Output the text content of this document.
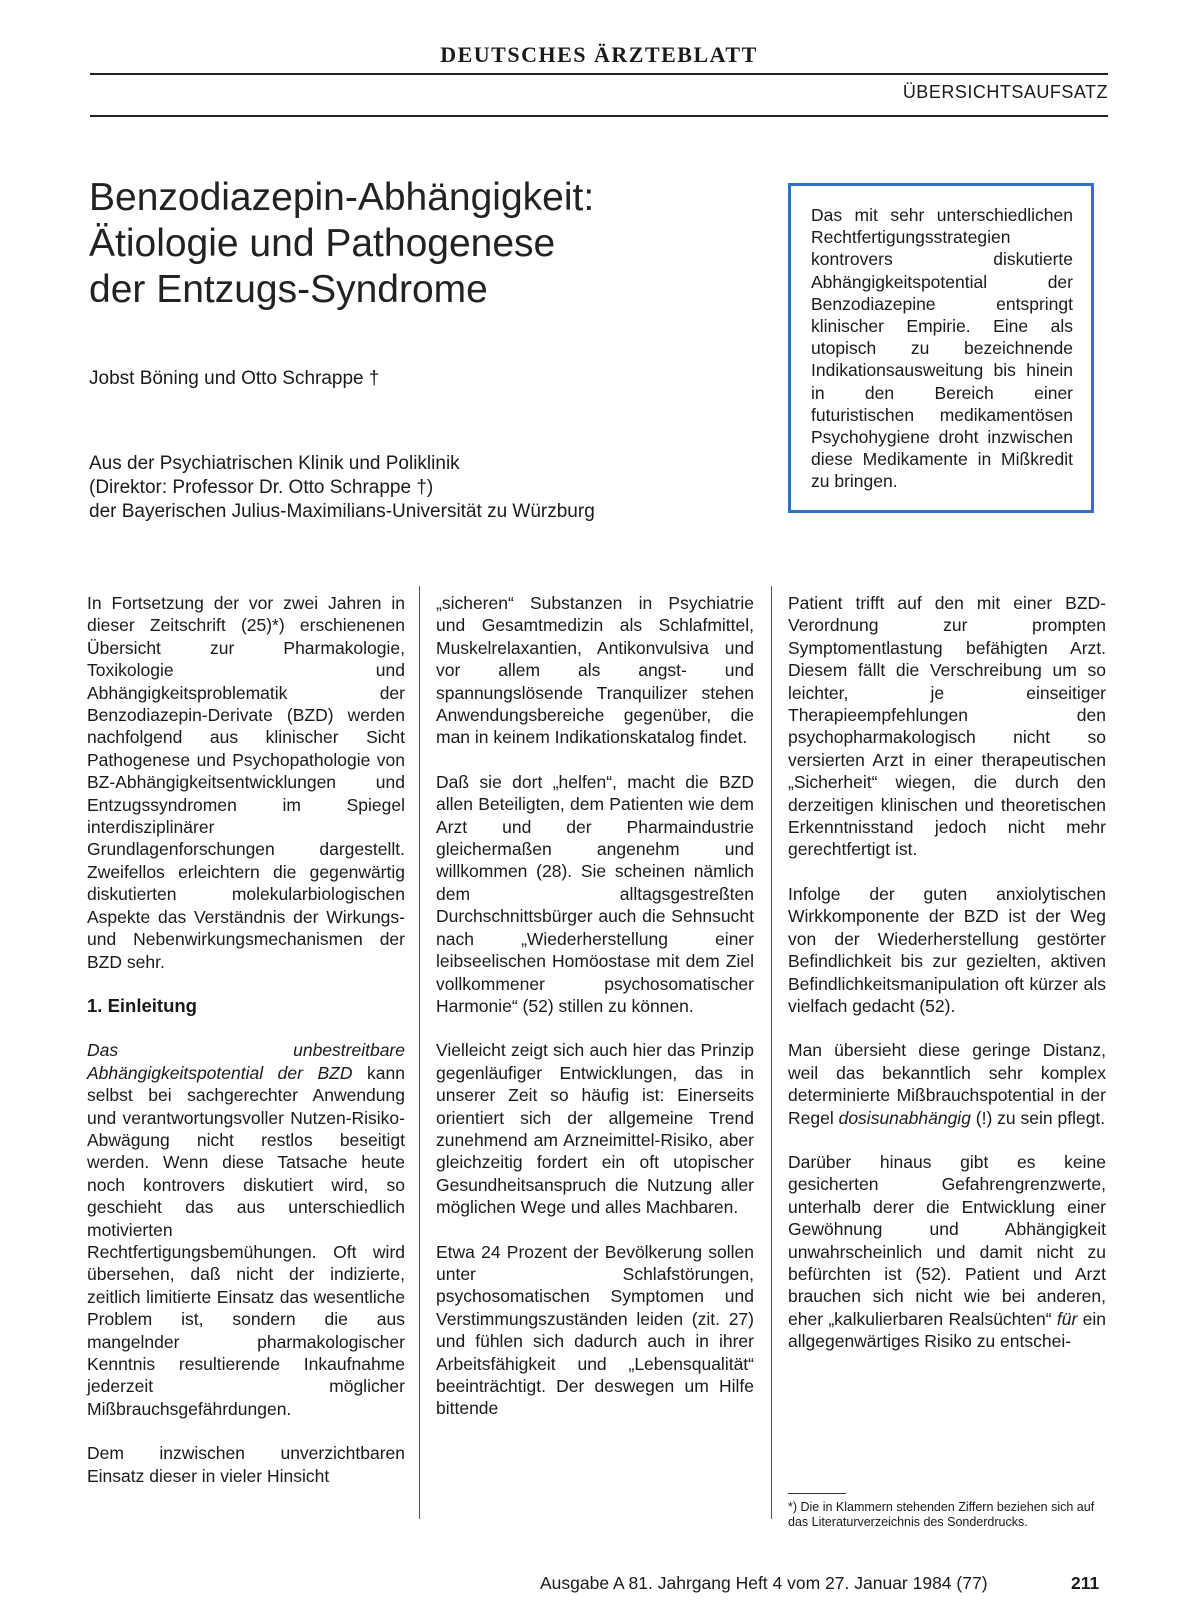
DEUTSCHES ÄRZTEBLATT
ÜBERSICHTSAUFSATZ
Benzodiazepin-Abhängigkeit:
Ätiologie und Pathogenese
der Entzugs-Syndrome
Jobst Böning und Otto Schrappe †
Aus der Psychiatrischen Klinik und Poliklinik
(Direktor: Professor Dr. Otto Schrappe †)
der Bayerischen Julius-Maximilians-Universität zu Würzburg
Das mit sehr unterschiedlichen Rechtfertigungsstrategien kontrovers diskutierte Abhängigkeitspotential der Benzodiazepine entspringt klinischer Empirie. Eine als utopisch zu bezeichnende Indikationsausweitung bis hinein in den Bereich einer futuristischen medikamentösen Psychohygiene droht inzwischen diese Medikamente in Mißkredit zu bringen.

In Fortsetzung der vor zwei Jahren in dieser Zeitschrift (25)*) erschienenen Übersicht zur Pharmakologie, Toxikologie und Abhängigkeitsproblematik der Benzodiazepin-Derivate (BZD) werden nachfolgend aus klinischer Sicht Pathogenese und Psychopathologie von BZ-Abhängigkeitsentwicklungen und Entzugssyndromen im Spiegel interdisziplinärer Grundlagenforschungen dargestellt. Zweifellos erleichtern die gegenwärtig diskutierten molekularbiologischen Aspekte das Verständnis der Wirkungs- und Nebenwirkungsmechanismen der BZD sehr.

1. Einleitung

Das unbestreitbare Abhängigkeitspotential der BZD kann selbst bei sachgerechter Anwendung und verantwortungsvoller Nutzen-Risiko-Abwägung nicht restlos beseitigt werden. Wenn diese Tatsache heute noch kontrovers diskutiert wird, so geschieht das aus unterschiedlich motivierten Rechtfertigungsbemühungen. Oft wird übersehen, daß nicht der indizierte, zeitlich limitierte Einsatz das wesentliche Problem ist, sondern die aus mangelnder pharmakologischer Kenntnis resultierende Inkaufnahme jederzeit möglicher Mißbrauchsgefährdungen.

Dem inzwischen unverzichtbaren Einsatz dieser in vieler Hinsicht

„sicheren“ Substanzen in Psychiatrie und Gesamtmedizin als Schlafmittel, Muskelrelaxantien, Antikonvulsiva und vor allem als angst- und spannungslösende Tranquilizer stehen Anwendungsbereiche gegenüber, die man in keinem Indikationskatalog findet.

Daß sie dort „helfen“, macht die BZD allen Beteiligten, dem Patienten wie dem Arzt und der Pharmaindustrie gleichermaßen angenehm und willkommen (28). Sie scheinen nämlich dem alltagsgestreßten Durchschnittsbürger auch die Sehnsucht nach „Wiederherstellung einer leibseelischen Homöostase mit dem Ziel vollkommener psychosomatischer Harmonie“ (52) stillen zu können.

Vielleicht zeigt sich auch hier das Prinzip gegenläufiger Entwicklungen, das in unserer Zeit so häufig ist: Einerseits orientiert sich der allgemeine Trend zunehmend am Arzneimittel-Risiko, aber gleichzeitig fordert ein oft utopischer Gesundheitsanspruch die Nutzung aller möglichen Wege und alles Machbaren.

Etwa 24 Prozent der Bevölkerung sollen unter Schlafstörungen, psychosomatischen Symptomen und Verstimmungszuständen leiden (zit. 27) und fühlen sich dadurch auch in ihrer Arbeitsfähigkeit und „Lebensqualität“ beeinträchtigt. Der deswegen um Hilfe bittende

Patient trifft auf den mit einer BZD-Verordnung zur prompten Symptomentlastung befähigten Arzt. Diesem fällt die Verschreibung um so leichter, je einseitiger Therapieempfehlungen den psychopharmakologisch nicht so versierten Arzt in einer therapeutischen „Sicherheit“ wiegen, die durch den derzeitigen klinischen und theoretischen Erkenntnisstand jedoch nicht mehr gerechtfertigt ist.

Infolge der guten anxiolytischen Wirkkomponente der BZD ist der Weg von der Wiederherstellung gestörter Befindlichkeit bis zur gezielten, aktiven Befindlichkeitsmanipulation oft kürzer als vielfach gedacht (52).

Man übersieht diese geringe Distanz, weil das bekanntlich sehr komplex determinierte Mißbrauchspotential in der Regel dosisunabhängig (!) zu sein pflegt.

Darüber hinaus gibt es keine gesicherten Gefahrengrenzwerte, unterhalb derer die Entwicklung einer Gewöhnung und Abhängigkeit unwahrscheinlich und damit nicht zu befürchten ist (52). Patient und Arzt brauchen sich nicht wie bei anderen, eher „kalkulierbaren Realsüchten“ für ein allgegenwärtiges Risiko zu entschei-

*) Die in Klammern stehenden Ziffern beziehen sich auf das Literaturverzeichnis des Sonderdrucks.
Ausgabe A 81. Jahrgang Heft 4 vom 27. Januar 1984 (77)	211
